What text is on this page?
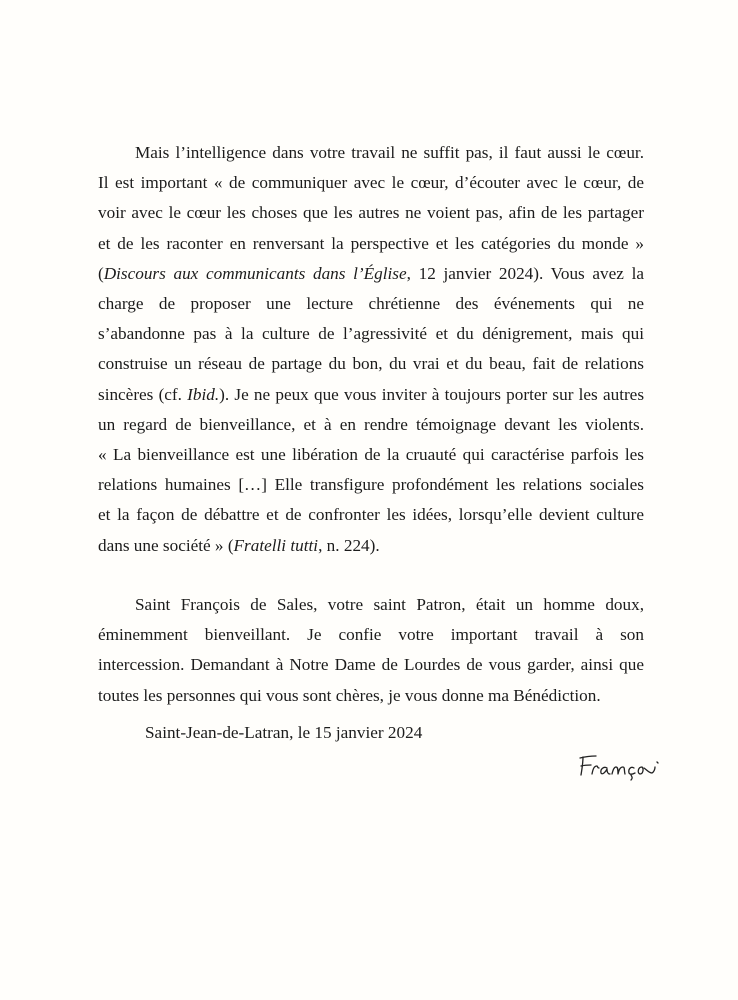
Mais l’intelligence dans votre travail ne suffit pas, il faut aussi le cœur.
Il est important « de communiquer avec le cœur, d’écouter avec le cœur, de
voir avec le cœur les choses que les autres ne voient pas, afin de les partager
et de les raconter en renversant la perspective et les catégories du monde »
(Discours aux communicants dans l’Église, 12 janvier 2024). Vous avez la
charge de proposer une lecture chrétienne des événements qui ne
s’abandonne pas à la culture de l’agressivité et du dénigrement, mais qui
construise un réseau de partage du bon, du vrai et du beau, fait de relations
sincères (cf. Ibid.). Je ne peux que vous inviter à toujours porter sur les autres
un regard de bienveillance, et à en rendre témoignage devant les violents.
« La bienveillance est une libération de la cruauté qui caractérise parfois les
relations humaines […] Elle transfigure profondément les relations sociales
et la façon de débattre et de confronter les idées, lorsqu’elle devient culture
dans une société » (Fratelli tutti, n. 224).

Saint François de Sales, votre saint Patron, était un homme doux,
éminemment bienveillant. Je confie votre important travail à son
intercession. Demandant à Notre Dame de Lourdes de vous garder, ainsi que
toutes les personnes qui vous sont chères, je vous donne ma Bénédiction.

Saint-Jean-de-Latran, le 15 janvier 2024
